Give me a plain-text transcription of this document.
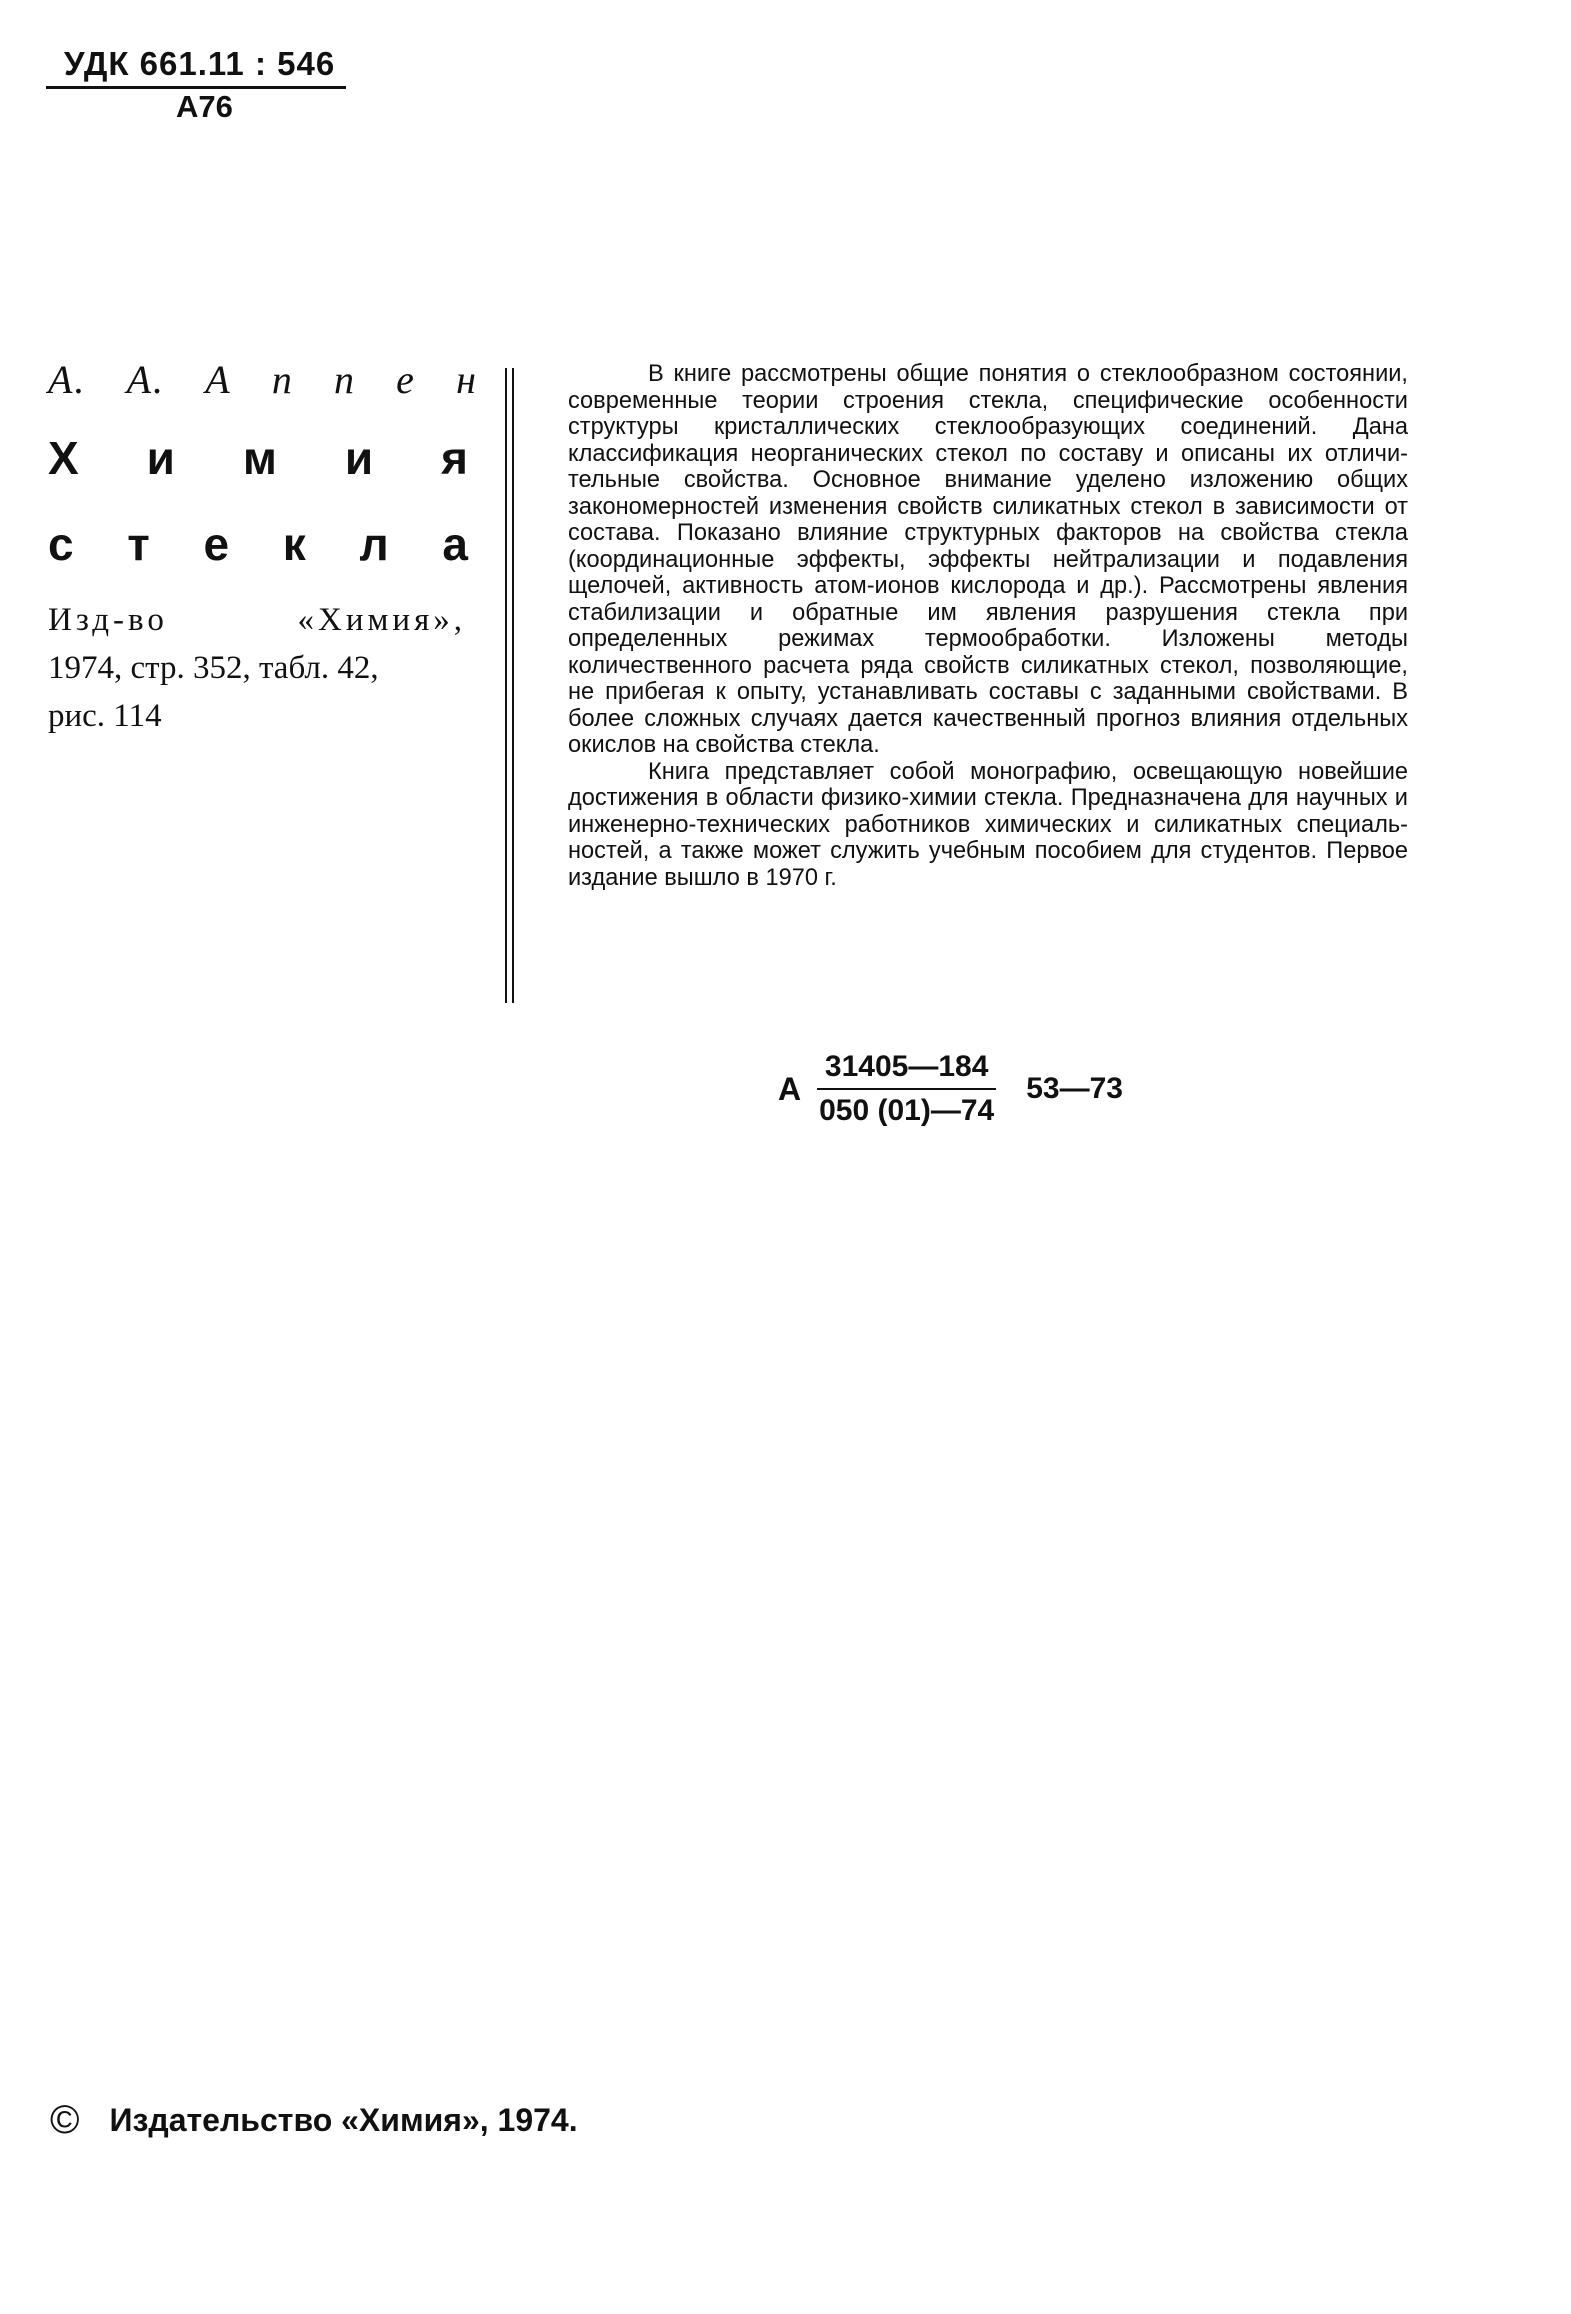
УДК 661.11 : 546
А76
А. А. А п п е н
Х и м и я
с т е к л а
Изд-во	«Химия»,
1974, стр. 352, табл. 42,
рис. 114

В книге рассмотрены общие понятия о стеклообразном состоянии, современные теории строения стекла, специфические особенности структуры кристаллических стеклообразующих соединений. Дана классификация неорганических стекол по составу и описаны их отличительные свойства. Основное внимание уделено изложению общих закономерностей изменения свойств силикатных стекол в зависимости от состава. Показано влияние структурных факторов на свойства стекла (координационные эффекты, эффекты нейтрализации и подавления щелочей, активность атом-ионов кислорода и др.). Рассмотрены явления стабилизации и обратные им явления разрушения стекла при определенных режимах термообработки. Изложены методы количественного расчета ряда свойств силикатных стекол, позволяющие, не прибегая к опыту, устанавливать составы с заданными свойствами. В более сложных случаях дается качественный прогноз влияния отдельных окислов на свойства стекла.

Книга представляет собой монографию, освещающую новейшие достижения в области физико-химии стекла. Предназначена для научных и инженерно-технических работников химических и силикатных специальностей, а также может служить учебным пособием для студентов. Первое издание вышло в 1970 г.

А $\frac{31405—184}{050 (01)—74}$ 53—73
© Издательство «Химия», 1974.
